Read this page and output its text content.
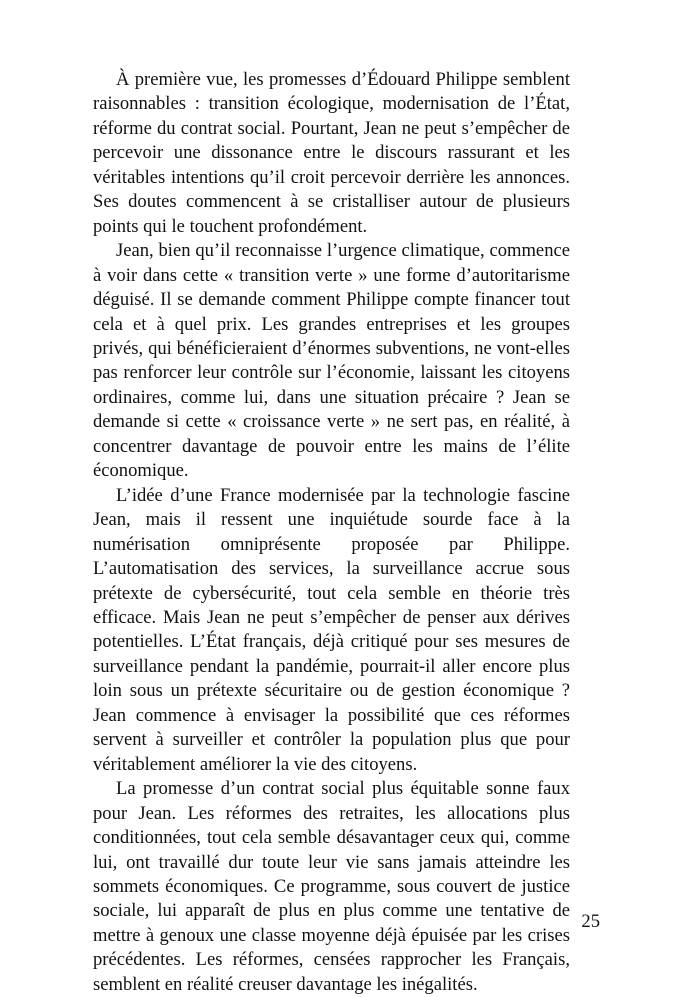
À première vue, les promesses d’Édouard Philippe semblent raisonnables : transition écologique, modernisation de l’État, réforme du contrat social. Pourtant, Jean ne peut s’empêcher de percevoir une dissonance entre le discours rassurant et les véritables intentions qu’il croit percevoir derrière les annonces. Ses doutes commencent à se cristalliser autour de plusieurs points qui le touchent profondément.

Jean, bien qu’il reconnaisse l’urgence climatique, commence à voir dans cette « transition verte » une forme d’autoritarisme déguisé. Il se demande comment Philippe compte financer tout cela et à quel prix. Les grandes entreprises et les groupes privés, qui bénéficieraient d’énormes subventions, ne vont-elles pas renforcer leur contrôle sur l’économie, laissant les citoyens ordinaires, comme lui, dans une situation précaire ? Jean se demande si cette « croissance verte » ne sert pas, en réalité, à concentrer davantage de pouvoir entre les mains de l’élite économique.

L’idée d’une France modernisée par la technologie fascine Jean, mais il ressent une inquiétude sourde face à la numérisation omniprésente proposée par Philippe. L’automatisation des services, la surveillance accrue sous prétexte de cybersécurité, tout cela semble en théorie très efficace. Mais Jean ne peut s’empêcher de penser aux dérives potentielles. L’État français, déjà critiqué pour ses mesures de surveillance pendant la pandémie, pourrait-il aller encore plus loin sous un prétexte sécuritaire ou de gestion économique ? Jean commence à envisager la possibilité que ces réformes servent à surveiller et contrôler la population plus que pour véritablement améliorer la vie des citoyens.

La promesse d’un contrat social plus équitable sonne faux pour Jean. Les réformes des retraites, les allocations plus conditionnées, tout cela semble désavantager ceux qui, comme lui, ont travaillé dur toute leur vie sans jamais atteindre les sommets économiques. Ce programme, sous couvert de justice sociale, lui apparaît de plus en plus comme une tentative de mettre à genoux une classe moyenne déjà épuisée par les crises précédentes. Les réformes, censées rapprocher les Français, semblent en réalité creuser davantage les inégalités.

25
